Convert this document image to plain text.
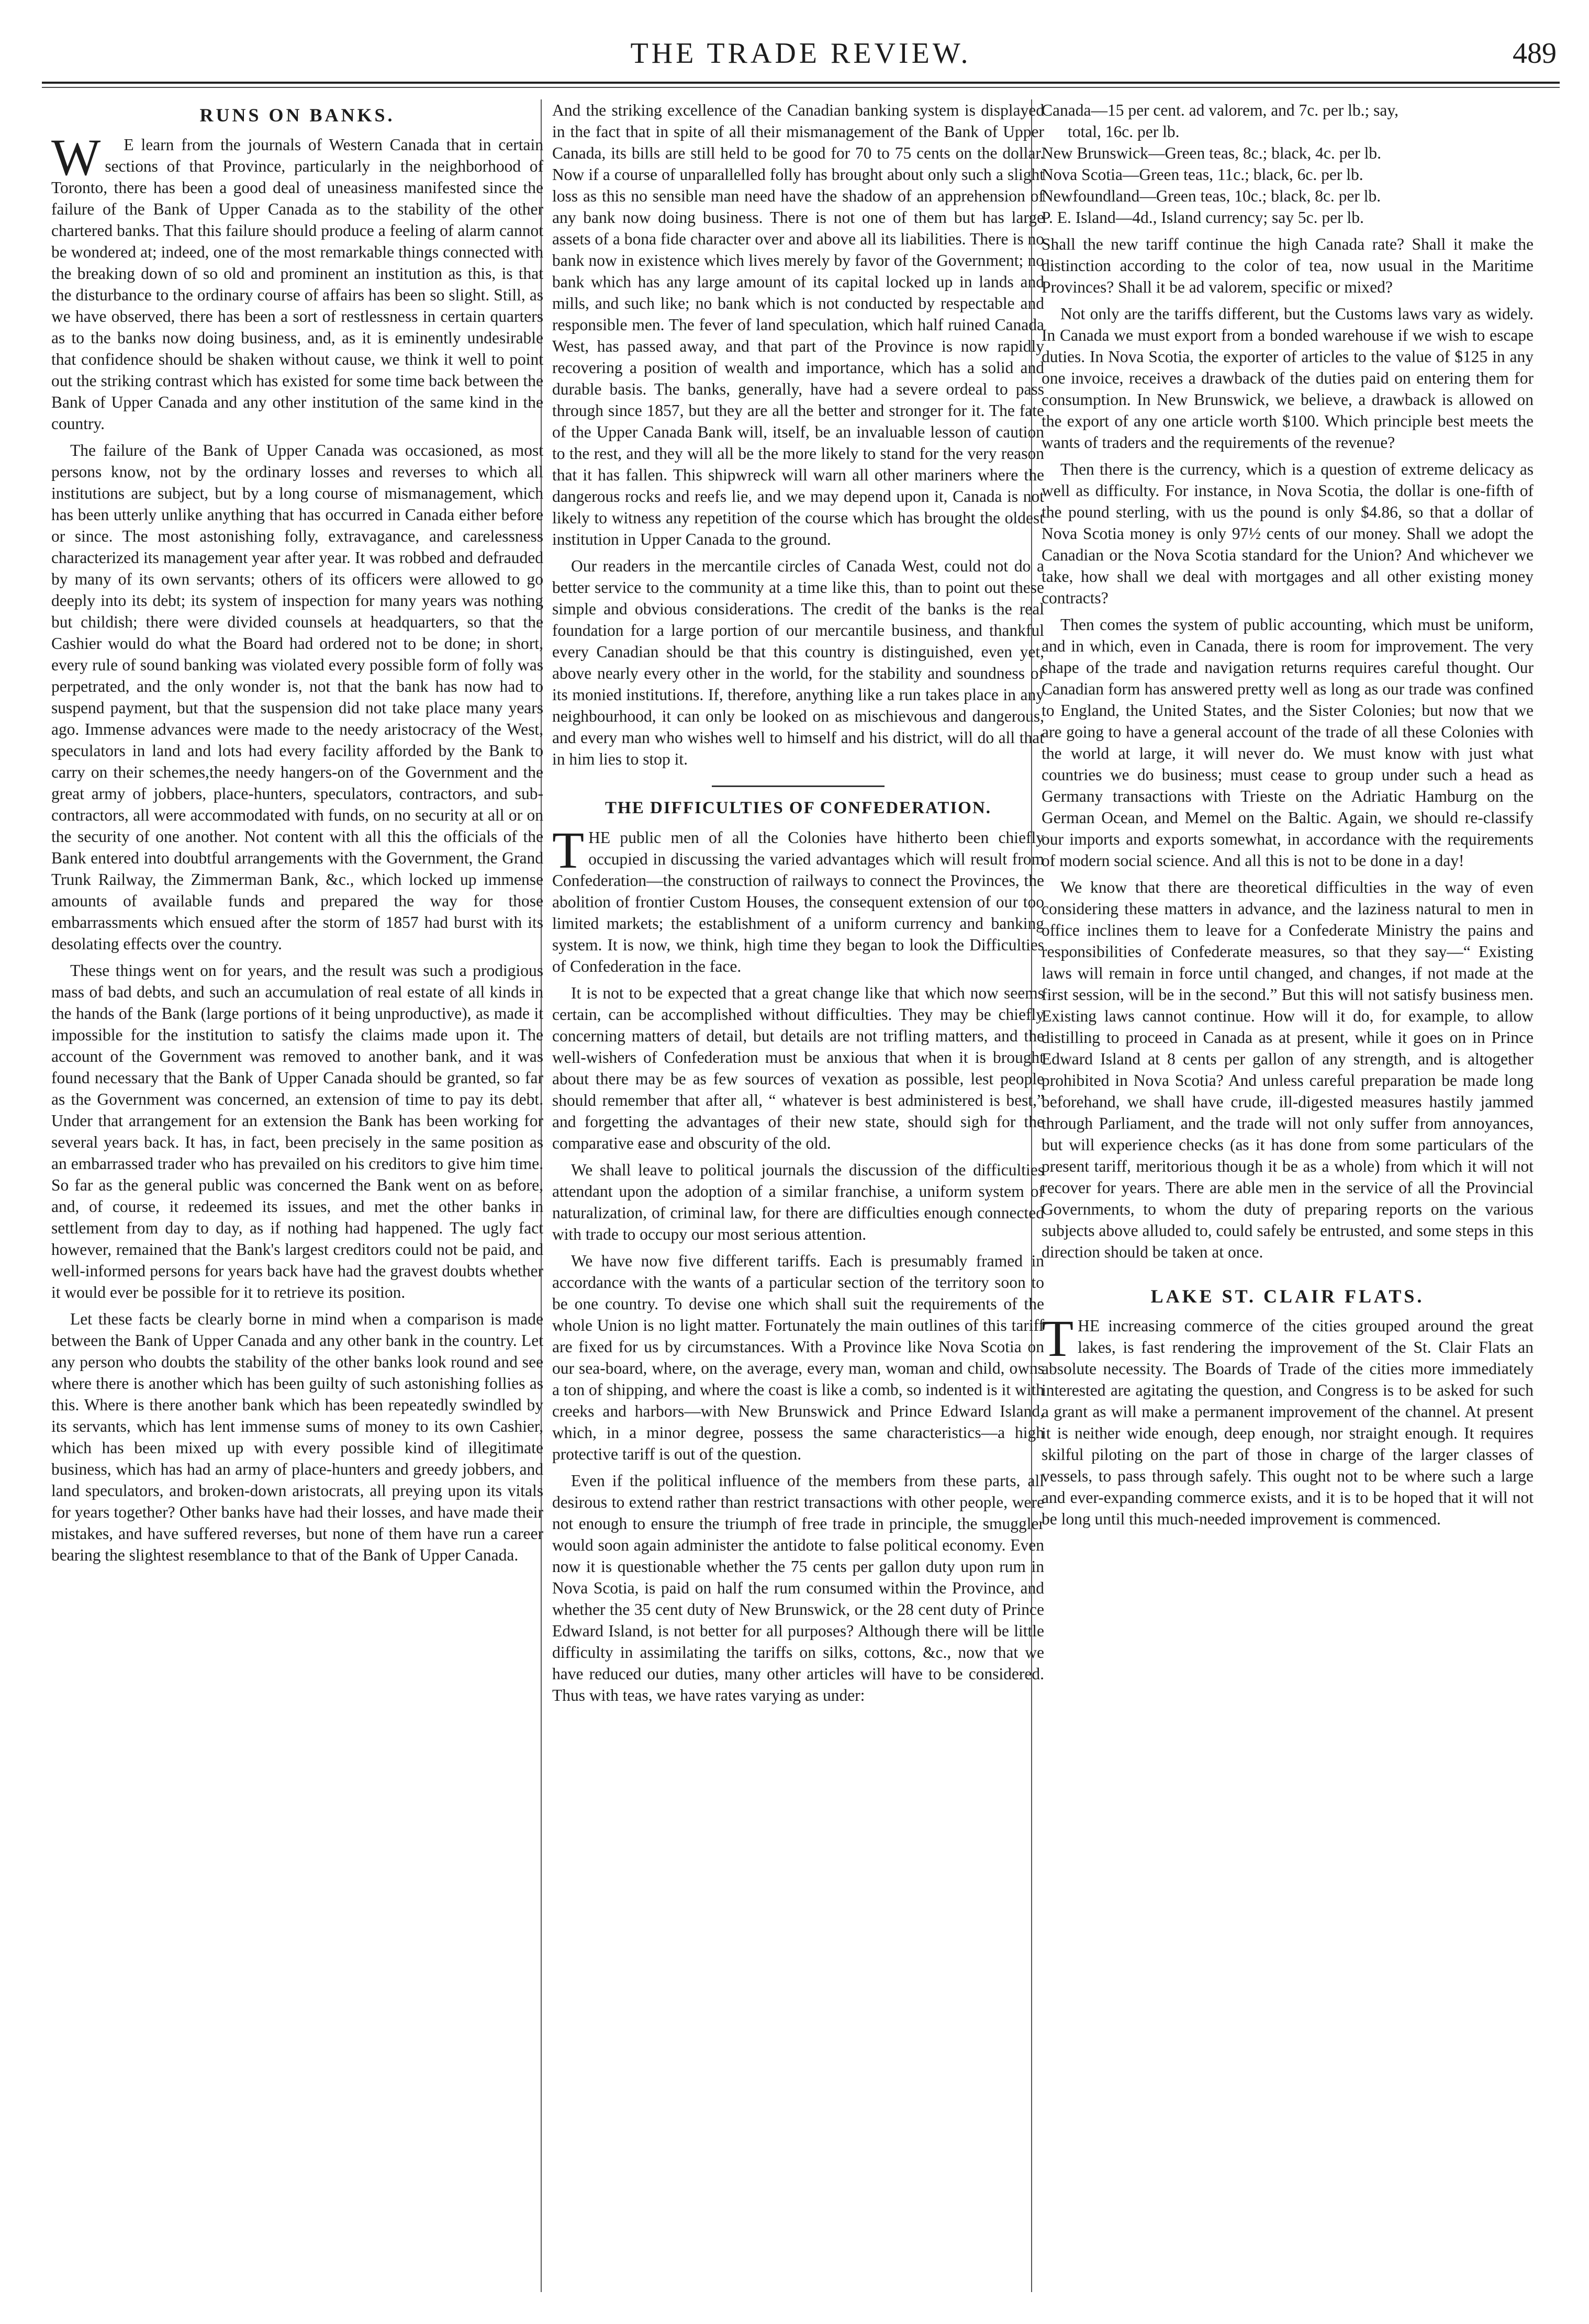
THE TRADE REVIEW.	489
RUNS ON BANKS.

W E learn from the journals of Western Canada that in certain sections of that Province, particularly in the neighborhood of Toronto, there has been a good deal of uneasiness manifested since the failure of the Bank of Upper Canada as to the stability of the other chartered banks. That this failure should produce a feeling of alarm cannot be wondered at; indeed, one of the most remarkable things connected with the breaking down of so old and prominent an institution as this, is that the disturbance to the ordinary course of affairs has been so slight. Still, as we have observed, there has been a sort of restlessness in certain quarters as to the banks now doing business, and, as it is eminently undesirable that confidence should be shaken without cause, we think it well to point out the striking contrast which has existed for some time back between the Bank of Upper Canada and any other institution of the same kind in the country.

The failure of the Bank of Upper Canada was occasioned, as most persons know, not by the ordinary losses and reverses to which all institutions are subject, but by a long course of mismanagement, which has been utterly unlike anything that has occurred in Canada either before or since. The most astonishing folly, extravagance, and carelessness characterized its management year after year. It was robbed and defrauded by many of its own servants; others of its officers were allowed to go deeply into its debt; its system of inspection for many years was nothing but childish; there were divided counsels at headquarters, so that the Cashier would do what the Board had ordered not to be done; in short, every rule of sound banking was violated every possible form of folly was perpetrated, and the only wonder is, not that the bank has now had to suspend payment, but that the suspension did not take place many years ago. Immense advances were made to the needy aristocracy of the West, speculators in land and lots had every facility afforded by the Bank to carry on their schemes,the needy hangers-on of the Government and the great army of jobbers, place-hunters, speculators, contractors, and sub-contractors, all were accommodated with funds, on no security at all or on the security of one another. Not content with all this the officials of the Bank entered into doubtful arrangements with the Government, the Grand Trunk Railway, the Zimmerman Bank, &c., which locked up immense amounts of available funds and prepared the way for those embarrassments which ensued after the storm of 1857 had burst with its desolating effects over the country.

These things went on for years, and the result was such a prodigious mass of bad debts, and such an accumulation of real estate of all kinds in the hands of the Bank (large portions of it being unproductive), as made it impossible for the institution to satisfy the claims made upon it. The account of the Government was removed to another bank, and it was found necessary that the Bank of Upper Canada should be granted, so far as the Government was concerned, an extension of time to pay its debt. Under that arrangement for an extension the Bank has been working for several years back. It has, in fact, been precisely in the same position as an embarrassed trader who has prevailed on his creditors to give him time. So far as the general public was concerned the Bank went on as before, and, of course, it redeemed its issues, and met the other banks in settlement from day to day, as if nothing had happened. The ugly fact however, remained that the Bank's largest creditors could not be paid, and well-informed persons for years back have had the gravest doubts whether it would ever be possible for it to retrieve its position.

Let these facts be clearly borne in mind when a comparison is made between the Bank of Upper Canada and any other bank in the country. Let any person who doubts the stability of the other banks look round and see where there is another which has been guilty of such astonishing follies as this. Where is there another bank which has been repeatedly swindled by its servants, which has lent immense sums of money to its own Cashier, which has been mixed up with every possible kind of illegitimate business, which has had an army of place-hunters and greedy jobbers, and land speculators, and broken-down aristocrats, all preying upon its vitals for years together? Other banks have had their losses, and have made their mistakes, and have suffered reverses, but none of them have run a career bearing the slightest resemblance to that of the Bank of Upper Canada.

And the striking excellence of the Canadian banking system is displayed in the fact that in spite of all their mismanagement of the Bank of Upper Canada, its bills are still held to be good for 70 to 75 cents on the dollar. Now if a course of unparallelled folly has brought about only such a slight loss as this no sensible man need have the shadow of an apprehension of any bank now doing business. There is not one of them but has large assets of a bona fide character over and above all its liabilities. There is no bank now in existence which lives merely by favor of the Government; no bank which has any large amount of its capital locked up in lands and mills, and such like; no bank which is not conducted by respectable and responsible men. The fever of land speculation, which half ruined Canada West, has passed away, and that part of the Province is now rapidly recovering a position of wealth and importance, which has a solid and durable basis. The banks, generally, have had a severe ordeal to pass through since 1857, but they are all the better and stronger for it. The fate of the Upper Canada Bank will, itself, be an invaluable lesson of caution to the rest, and they will all be the more likely to stand for the very reason that it has fallen. This shipwreck will warn all other mariners where the dangerous rocks and reefs lie, and we may depend upon it, Canada is not likely to witness any repetition of the course which has brought the oldest institution in Upper Canada to the ground.

Our readers in the mercantile circles of Canada West, could not do a better service to the community at a time like this, than to point out these simple and obvious considerations. The credit of the banks is the real foundation for a large portion of our mercantile business, and thankful every Canadian should be that this country is distinguished, even yet, above nearly every other in the world, for the stability and soundness of its monied institutions. If, therefore, anything like a run takes place in any neighbourhood, it can only be looked on as mischievous and dangerous, and every man who wishes well to himself and his district, will do all that in him lies to stop it.

THE DIFFICULTIES OF CONFEDERATION.

THE public men of all the Colonies have hitherto been chiefly occupied in discussing the varied advantages which will result from Confederation—the construction of railways to connect the Provinces, the abolition of frontier Custom Houses, the consequent extension of our too limited markets; the establishment of a uniform currency and banking system. It is now, we think, high time they began to look the Difficulties of Confederation in the face.

It is not to be expected that a great change like that which now seems certain, can be accomplished without difficulties. They may be chiefly concerning matters of detail, but details are not trifling matters, and the well-wishers of Confederation must be anxious that when it is brought about there may be as few sources of vexation as possible, lest people should remember that after all, “ whatever is best administered is best,” and forgetting the advantages of their new state, should sigh for the comparative ease and obscurity of the old.

We shall leave to political journals the discussion of the difficulties attendant upon the adoption of a similar franchise, a uniform system of naturalization, of criminal law, for there are difficulties enough connected with trade to occupy our most serious attention.

We have now five different tariffs. Each is presumably framed in accordance with the wants of a particular section of the territory soon to be one country. To devise one which shall suit the requirements of the whole Union is no light matter. Fortunately the main outlines of this tariff are fixed for us by circumstances. With a Province like Nova Scotia on our sea-board, where, on the average, every man, woman and child, owns a ton of shipping, and where the coast is like a comb, so indented is it with creeks and harbors—with New Brunswick and Prince Edward Island, which, in a minor degree, possess the same characteristics—a high protective tariff is out of the question.

Even if the political influence of the members from these parts, all desirous to extend rather than restrict transactions with other people, were not enough to ensure the triumph of free trade in principle, the smuggler would soon again administer the antidote to false political economy. Even now it is questionable whether the 75 cents per gallon duty upon rum in Nova Scotia, is paid on half the rum consumed within the Province, and whether the 35 cent duty of New Brunswick, or the 28 cent duty of Prince Edward Island, is not better for all purposes? Although there will be little difficulty in assimilating the tariffs on silks, cottons, &c., now that we have reduced our duties, many other articles will have to be considered. Thus with teas, we have rates varying as under:

Canada—15 per cent. ad valorem, and 7c. per lb.; say,

total, 16c. per lb.

New Brunswick—Green teas, 8c.; black, 4c. per lb.

Nova Scotia—Green teas, 11c.; black, 6c. per lb.

Newfoundland—Green teas, 10c.; black, 8c. per lb.

P. E. Island—4d., Island currency; say 5c. per lb.

Shall the new tariff continue the high Canada rate? Shall it make the distinction according to the color of tea, now usual in the Maritime Provinces? Shall it be ad valorem, specific or mixed?

Not only are the tariffs different, but the Customs laws vary as widely. In Canada we must export from a bonded warehouse if we wish to escape duties. In Nova Scotia, the exporter of articles to the value of $125 in any one invoice, receives a drawback of the duties paid on entering them for consumption. In New Brunswick, we believe, a drawback is allowed on the export of any one article worth $100. Which principle best meets the wants of traders and the requirements of the revenue?

Then there is the currency, which is a question of extreme delicacy as well as difficulty. For instance, in Nova Scotia, the dollar is one-fifth of the pound sterling, with us the pound is only $4.86, so that a dollar of Nova Scotia money is only 97½ cents of our money. Shall we adopt the Canadian or the Nova Scotia standard for the Union? And whichever we take, how shall we deal with mortgages and all other existing money contracts?

Then comes the system of public accounting, which must be uniform, and in which, even in Canada, there is room for improvement. The very shape of the trade and navigation returns requires careful thought. Our Canadian form has answered pretty well as long as our trade was confined to England, the United States, and the Sister Colonies; but now that we are going to have a general account of the trade of all these Colonies with the world at large, it will never do. We must know with just what countries we do business; must cease to group under such a head as Germany transactions with Trieste on the Adriatic Hamburg on the German Ocean, and Memel on the Baltic. Again, we should re-classify our imports and exports somewhat, in accordance with the requirements of modern social science. And all this is not to be done in a day!

We know that there are theoretical difficulties in the way of even considering these matters in advance, and the laziness natural to men in office inclines them to leave for a Confederate Ministry the pains and responsibilities of Confederate measures, so that they say—“ Existing laws will remain in force until changed, and changes, if not made at the first session, will be in the second.” But this will not satisfy business men. Existing laws cannot continue. How will it do, for example, to allow distilling to proceed in Canada as at present, while it goes on in Prince Edward Island at 8 cents per gallon of any strength, and is altogether prohibited in Nova Scotia? And unless careful preparation be made long beforehand, we shall have crude, ill-digested measures hastily jammed through Parliament, and the trade will not only suffer from annoyances, but will experience checks (as it has done from some particulars of the present tariff, meritorious though it be as a whole) from which it will not recover for years. There are able men in the service of all the Provincial Governments, to whom the duty of preparing reports on the various subjects above alluded to, could safely be entrusted, and some steps in this direction should be taken at once.

LAKE ST. CLAIR FLATS.

THE increasing commerce of the cities grouped around the great lakes, is fast rendering the improvement of the St. Clair Flats an absolute necessity. The Boards of Trade of the cities more immediately interested are agitating the question, and Congress is to be asked for such a grant as will make a permanent improvement of the channel. At present it is neither wide enough, deep enough, nor straight enough. It requires skilful piloting on the part of those in charge of the larger classes of vessels, to pass through safely. This ought not to be where such a large and ever-expanding commerce exists, and it is to be hoped that it will not be long until this much-needed improvement is commenced.
